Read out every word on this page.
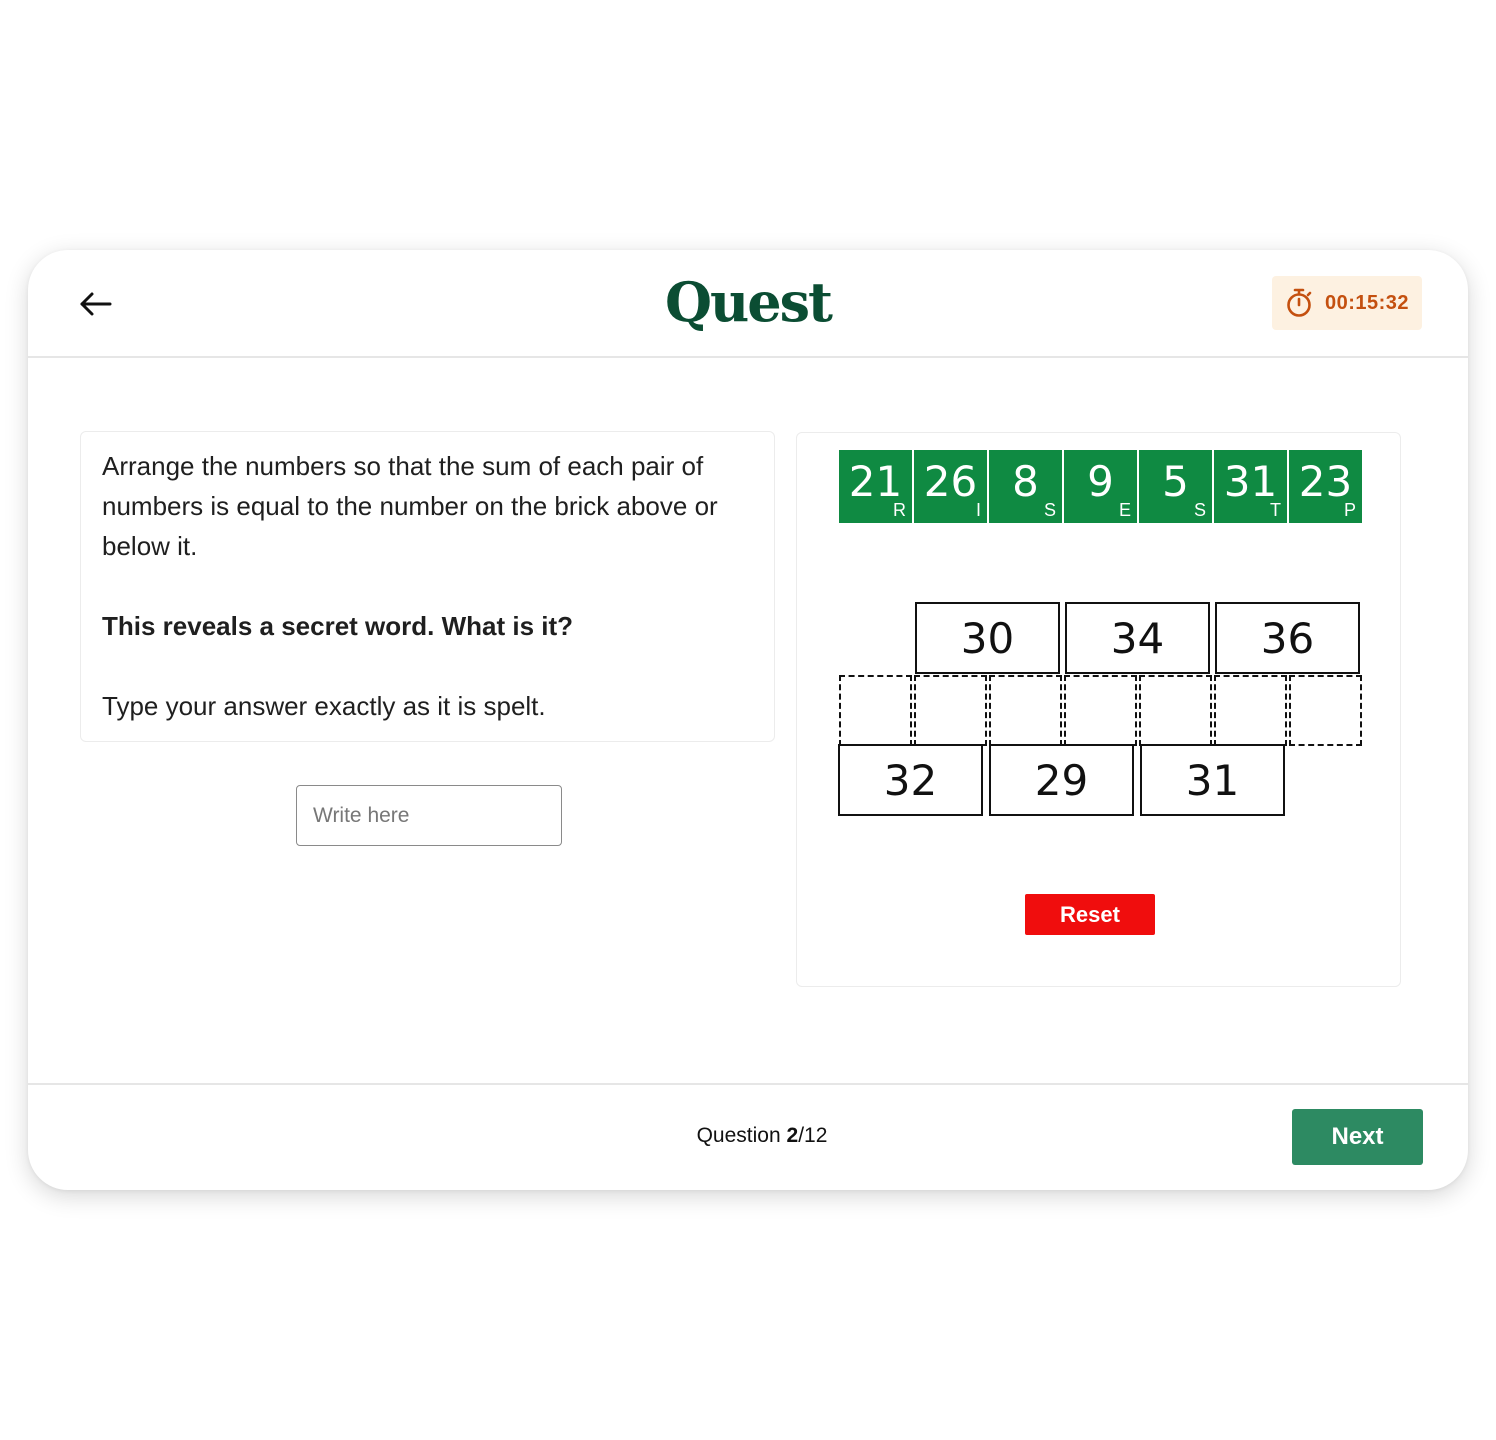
Quest	00:15:32

Arrange the numbers so that the sum of each pair of numbers is equal to the number on the brick above or below it.

This reveals a secret word. What is it?

Type your answer exactly as it is spelt.

Write here
21
R
26
I
8
S
9
E
5
S
31
T
23
P
30	34	36
32	29	31
Reset
Question 2/12	Next
